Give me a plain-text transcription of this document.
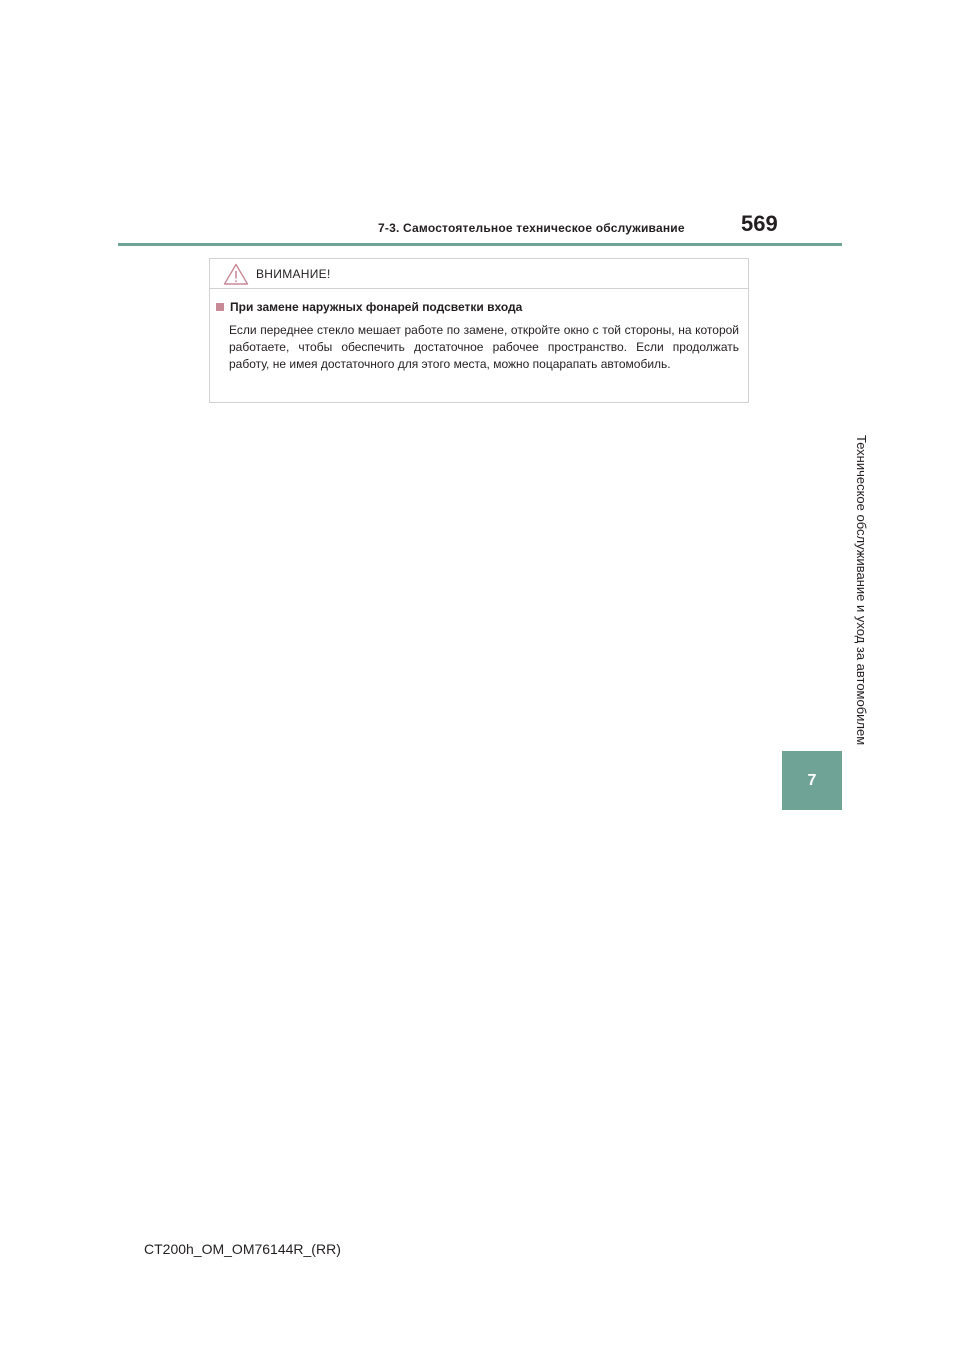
7-3. Самостоятельное техническое обслуживание	569
Техническое обслуживание и уход за автомобилем
7
ВНИМАНИЕ!
При замене наружных фонарей подсветки входа
Если переднее стекло мешает работе по замене, откройте окно с той стороны, на которой работаете, чтобы обеспечить достаточное рабочее пространство. Если продолжать работу, не имея достаточного для этого места, можно поцарапать автомобиль.
CT200h_OM_OM76144R_(RR)
